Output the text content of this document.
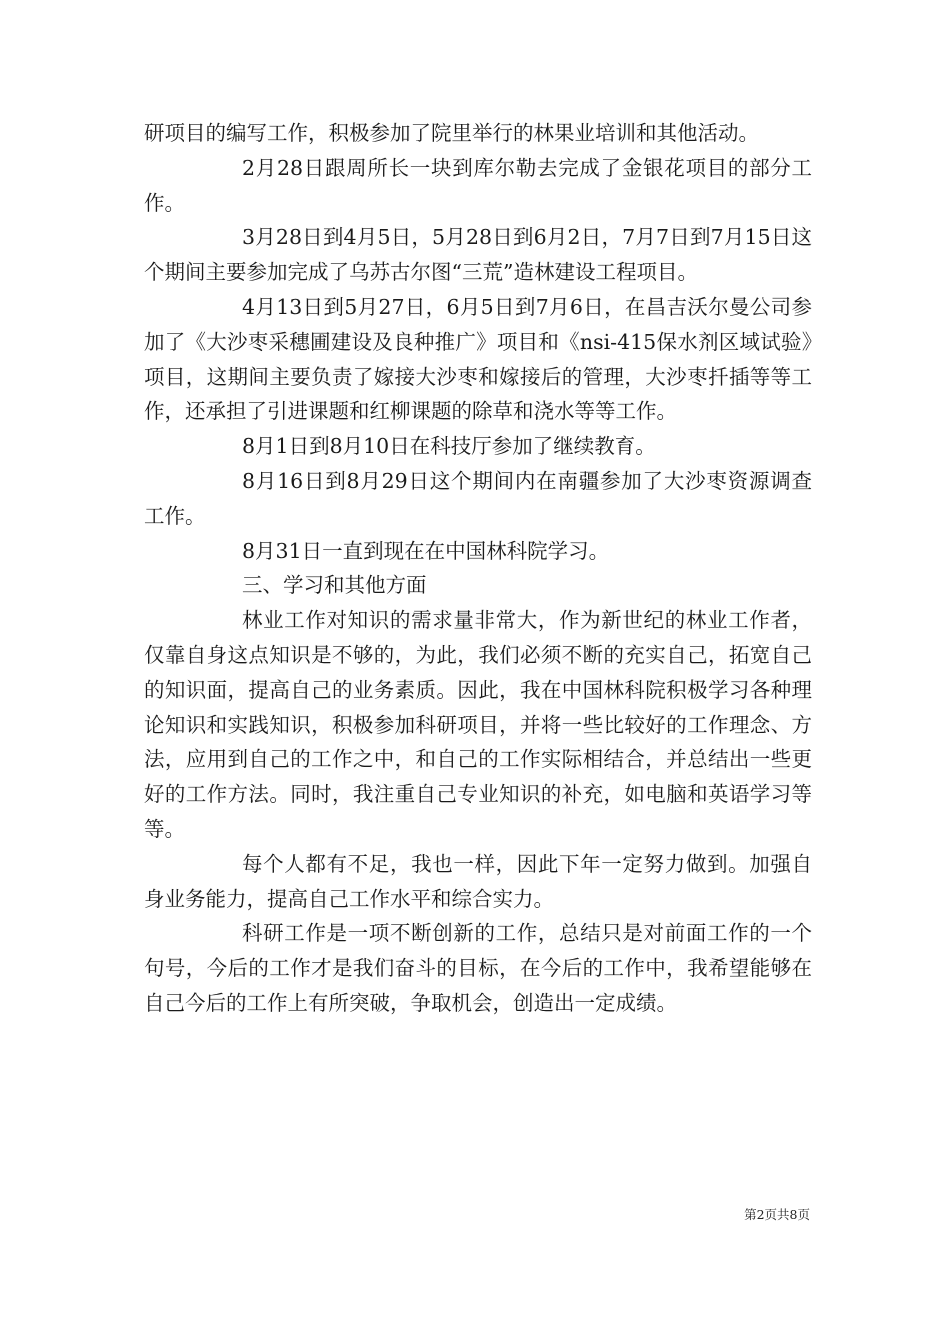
研项目的编写工作，积极参加了院里举行的林果业培训和其他活动。

2月28日跟周所长一块到库尔勒去完成了金银花项目的部分工作。

3月28日到4月5日，5月28日到6月2日，7月7日到7月15日这个期间主要参加完成了乌苏古尔图“三荒”造林建设工程项目。

4月13日到5月27日，6月5日到7月6日，在昌吉沃尔曼公司参加了《大沙枣采穗圃建设及良种推广》项目和《nsi-415保水剂区域试验》项目，这期间主要负责了嫁接大沙枣和嫁接后的管理，大沙枣扦插等等工作，还承担了引进课题和红柳课题的除草和浇水等等工作。

8月1日到8月10日在科技厅参加了继续教育。

8月16日到8月29日这个期间内在南疆参加了大沙枣资源调查工作。

8月31日一直到现在在中国林科院学习。

三、学习和其他方面

林业工作对知识的需求量非常大，作为新世纪的林业工作者，仅靠自身这点知识是不够的，为此，我们必须不断的充实自己，拓宽自己的知识面，提高自己的业务素质。因此，我在中国林科院积极学习各种理论知识和实践知识，积极参加科研项目，并将一些比较好的工作理念、方法，应用到自己的工作之中，和自己的工作实际相结合，并总结出一些更好的工作方法。同时，我注重自己专业知识的补充，如电脑和英语学习等等。

每个人都有不足，我也一样，因此下年一定努力做到。加强自身业务能力，提高自己工作水平和综合实力。

科研工作是一项不断创新的工作，总结只是对前面工作的一个句号，今后的工作才是我们奋斗的目标，在今后的工作中，我希望能够在自己今后的工作上有所突破，争取机会，创造出一定成绩。

第2页共8页
